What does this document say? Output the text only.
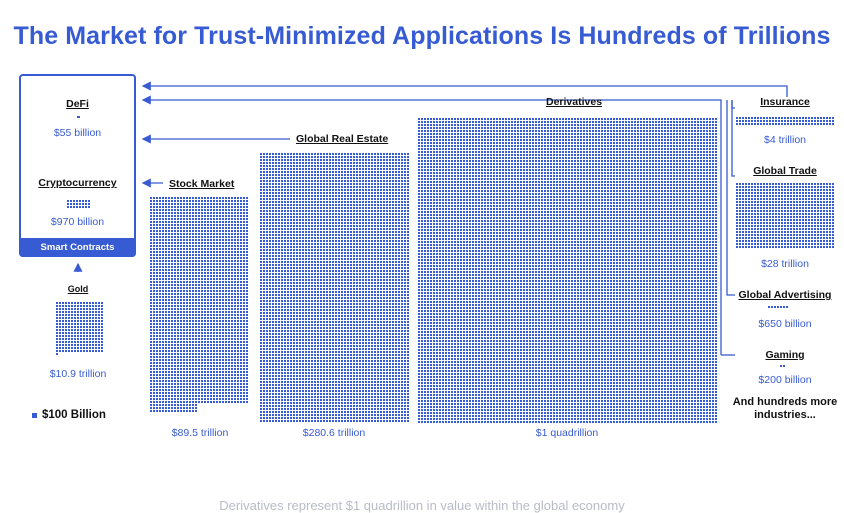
The Market for Trust-Minimized Applications Is Hundreds of Trillions
Smart Contracts
DeFi
$55 billion
Cryptocurrency
$970 billion
Gold
$10.9 trillion
$100 Billion
Stock Market
$89.5 trillion
Global Real Estate
$280.6 trillion
Derivatives
$1 quadrillion
Insurance
$4 trillion
Global Trade
$28 trillion
Global Advertising
$650 billion
Gaming
$200 billion
And hundreds more industries...
Derivatives represent $1 quadrillion in value within the global economy
